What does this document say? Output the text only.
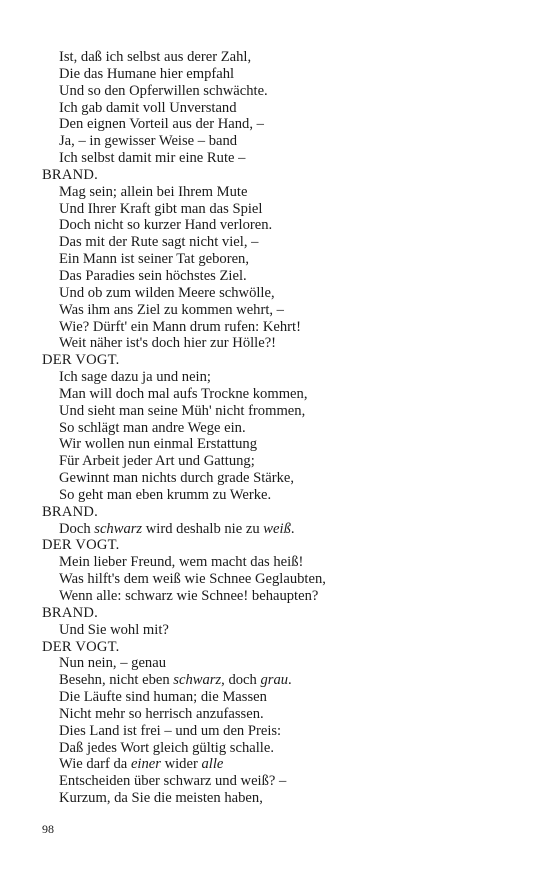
Ist, daß ich selbst aus derer Zahl,
Die das Humane hier empfahl
Und so den Opferwillen schwächte.
Ich gab damit voll Unverstand
Den eignen Vorteil aus der Hand, –
Ja, – in gewisser Weise – band
Ich selbst damit mir eine Rute –
BRAND.
Mag sein; allein bei Ihrem Mute
Und Ihrer Kraft gibt man das Spiel
Doch nicht so kurzer Hand verloren.
Das mit der Rute sagt nicht viel, –
Ein Mann ist seiner Tat geboren,
Das Paradies sein höchstes Ziel.
Und ob zum wilden Meere schwölle,
Was ihm ans Ziel zu kommen wehrt, –
Wie? Dürft' ein Mann drum rufen: Kehrt!
Weit näher ist's doch hier zur Hölle?!
DER VOGT.
Ich sage dazu ja und nein;
Man will doch mal aufs Trockne kommen,
Und sieht man seine Müh' nicht frommen,
So schlägt man andre Wege ein.
Wir wollen nun einmal Erstattung
Für Arbeit jeder Art und Gattung;
Gewinnt man nichts durch grade Stärke,
So geht man eben krumm zu Werke.
BRAND.
Doch schwarz wird deshalb nie zu weiß.
DER VOGT.
Mein lieber Freund, wem macht das heiß!
Was hilft's dem weiß wie Schnee Geglaubten,
Wenn alle: schwarz wie Schnee! behaupten?
BRAND.
Und Sie wohl mit?
DER VOGT.
Nun nein, – genau
Besehn, nicht eben schwarz, doch grau.
Die Läufte sind human; die Massen
Nicht mehr so herrisch anzufassen.
Dies Land ist frei – und um den Preis:
Daß jedes Wort gleich gültig schalle.
Wie darf da einer wider alle
Entscheiden über schwarz und weiß? –
Kurzum, da Sie die meisten haben,
98
